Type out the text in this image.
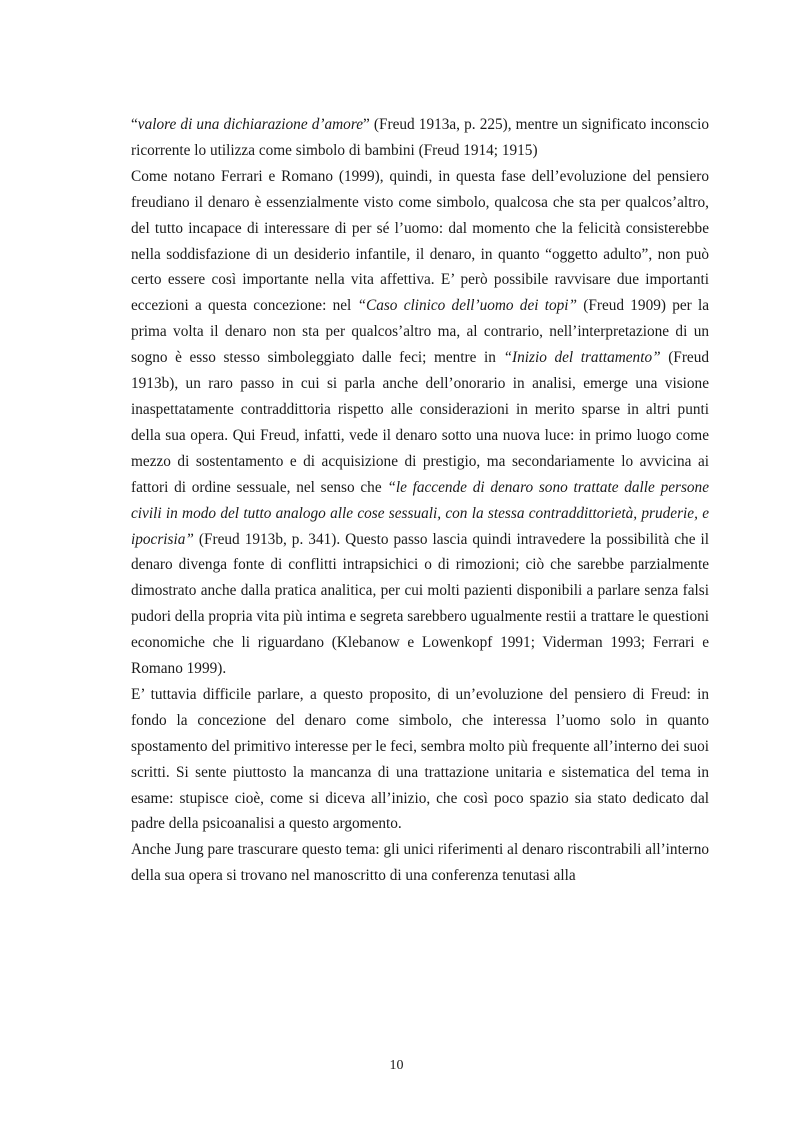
“valore di una dichiarazione d’amore” (Freud 1913a, p. 225), mentre un significato inconscio ricorrente lo utilizza come simbolo di bambini (Freud 1914; 1915)

Come notano Ferrari e Romano (1999), quindi, in questa fase dell’evoluzione del pensiero freudiano il denaro è essenzialmente visto come simbolo, qualcosa che sta per qualcos’altro, del tutto incapace di interessare di per sé l’uomo: dal momento che la felicità consisterebbe nella soddisfazione di un desiderio infantile, il denaro, in quanto “oggetto adulto”, non può certo essere così importante nella vita affettiva. E’ però possibile ravvisare due importanti eccezioni a questa concezione: nel “Caso clinico dell’uomo dei topi” (Freud 1909) per la prima volta il denaro non sta per qualcos’altro ma, al contrario, nell’interpretazione di un sogno è esso stesso simboleggiato dalle feci; mentre in “Inizio del trattamento” (Freud 1913b), un raro passo in cui si parla anche dell’onorario in analisi, emerge una visione inaspettatamente contraddittoria rispetto alle considerazioni in merito sparse in altri punti della sua opera. Qui Freud, infatti, vede il denaro sotto una nuova luce: in primo luogo come mezzo di sostentamento e di acquisizione di prestigio, ma secondariamente lo avvicina ai fattori di ordine sessuale, nel senso che “le faccende di denaro sono trattate dalle persone civili in modo del tutto analogo alle cose sessuali, con la stessa contraddittorietà, pruderie, e ipocrisia” (Freud 1913b, p. 341). Questo passo lascia quindi intravedere la possibilità che il denaro divenga fonte di conflitti intrapsichici o di rimozioni; ciò che sarebbe parzialmente dimostrato anche dalla pratica analitica, per cui molti pazienti disponibili a parlare senza falsi pudori della propria vita più intima e segreta sarebbero ugualmente restii a trattare le questioni economiche che li riguardano (Klebanow e Lowenkopf 1991; Viderman 1993; Ferrari e Romano 1999).

E’ tuttavia difficile parlare, a questo proposito, di un’evoluzione del pensiero di Freud: in fondo la concezione del denaro come simbolo, che interessa l’uomo solo in quanto spostamento del primitivo interesse per le feci, sembra molto più frequente all’interno dei suoi scritti. Si sente piuttosto la mancanza di una trattazione unitaria e sistematica del tema in esame: stupisce cioè, come si diceva all’inizio, che così poco spazio sia stato dedicato dal padre della psicoanalisi a questo argomento.

Anche Jung pare trascurare questo tema: gli unici riferimenti al denaro riscontrabili all’interno della sua opera si trovano nel manoscritto di una conferenza tenutasi alla

10
